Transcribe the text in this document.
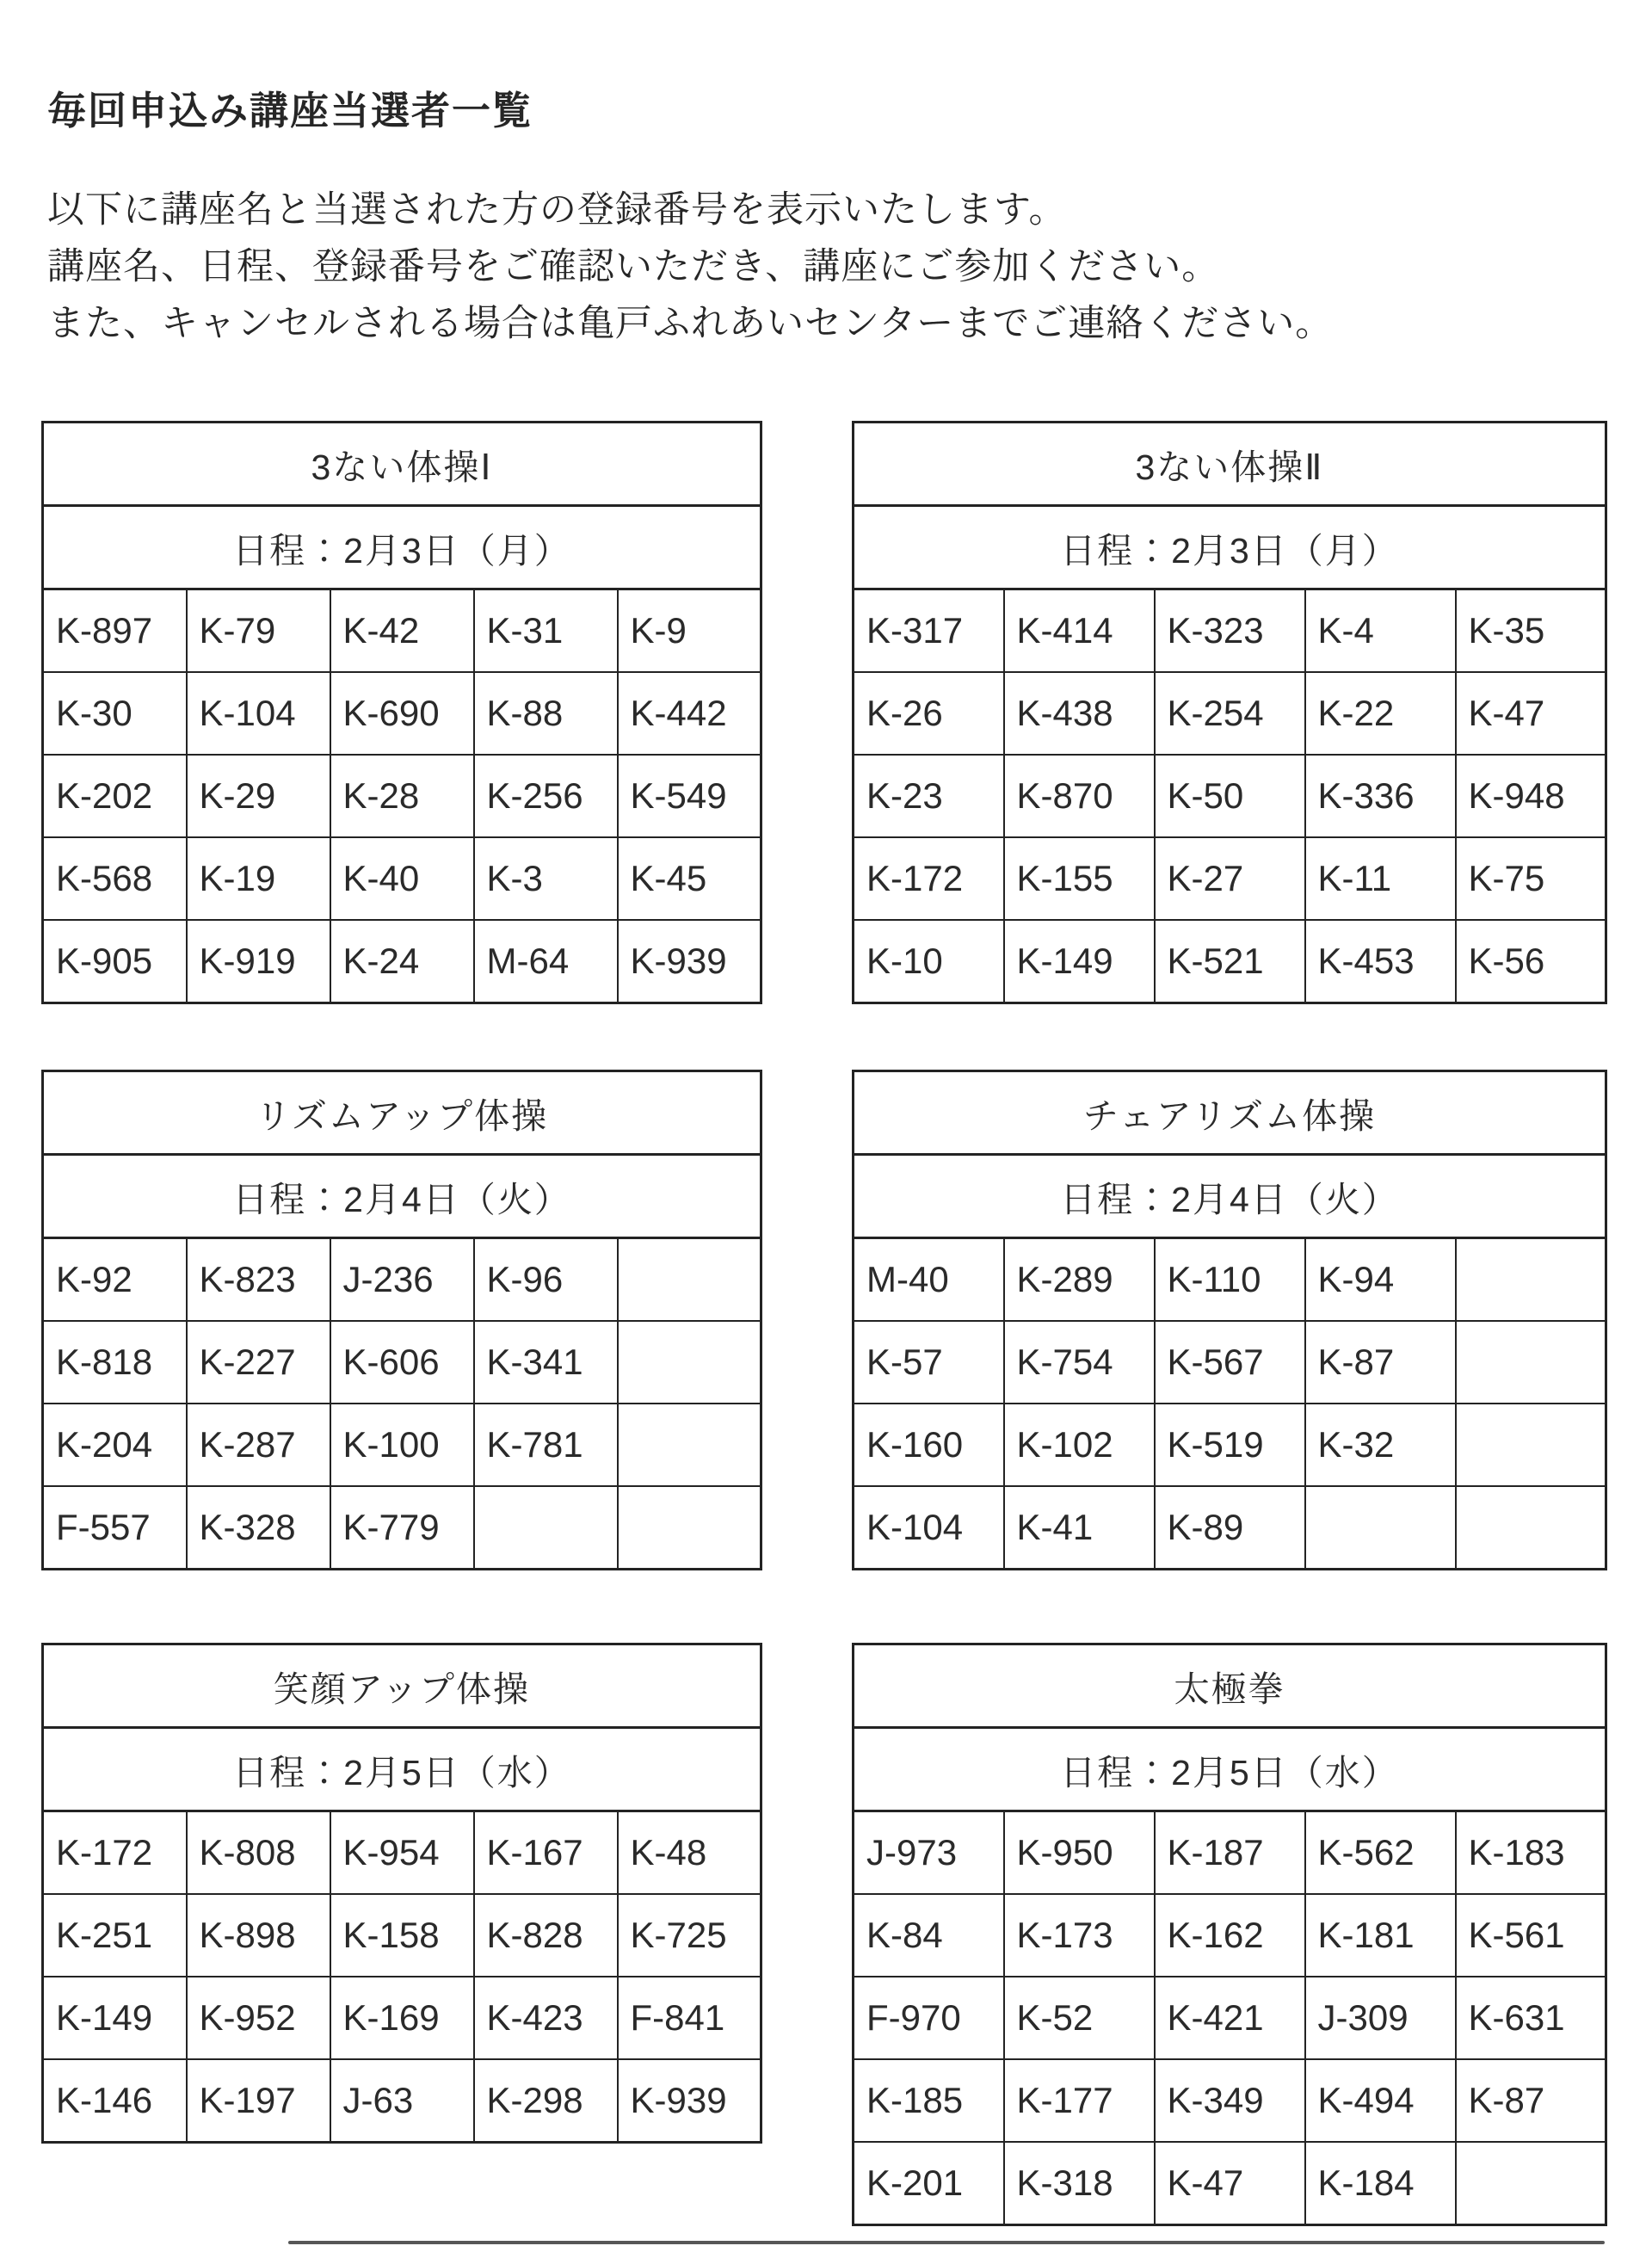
毎回申込み講座当選者一覧
以下に講座名と当選された方の登録番号を表示いたします。
講座名、日程、登録番号をご確認いただき、講座にご参加ください。
また、キャンセルされる場合は亀戸ふれあいセンターまでご連絡ください。
3ない体操Ⅰ				
日程：2月3日（月）				
K-897	K-79	K-42	K-31	K-9
K-30	K-104	K-690	K-88	K-442
K-202	K-29	K-28	K-256	K-549
K-568	K-19	K-40	K-3	K-45
K-905	K-919	K-24	M-64	K-939
3ない体操Ⅱ				
日程：2月3日（月）				
K-317	K-414	K-323	K-4	K-35
K-26	K-438	K-254	K-22	K-47
K-23	K-870	K-50	K-336	K-948
K-172	K-155	K-27	K-11	K-75
K-10	K-149	K-521	K-453	K-56
リズムアップ体操				
日程：2月4日（火）				
K-92	K-823	J-236	K-96	
K-818	K-227	K-606	K-341	
K-204	K-287	K-100	K-781	
F-557	K-328	K-779		
チェアリズム体操				
日程：2月4日（火）				
M-40	K-289	K-110	K-94	
K-57	K-754	K-567	K-87	
K-160	K-102	K-519	K-32	
K-104	K-41	K-89		
笑顔アップ体操				
日程：2月5日（水）				
K-172	K-808	K-954	K-167	K-48
K-251	K-898	K-158	K-828	K-725
K-149	K-952	K-169	K-423	F-841
K-146	K-197	J-63	K-298	K-939
太極拳				
日程：2月5日（水）				
J-973	K-950	K-187	K-562	K-183
K-84	K-173	K-162	K-181	K-561
F-970	K-52	K-421	J-309	K-631
K-185	K-177	K-349	K-494	K-87
K-201	K-318	K-47	K-184	
